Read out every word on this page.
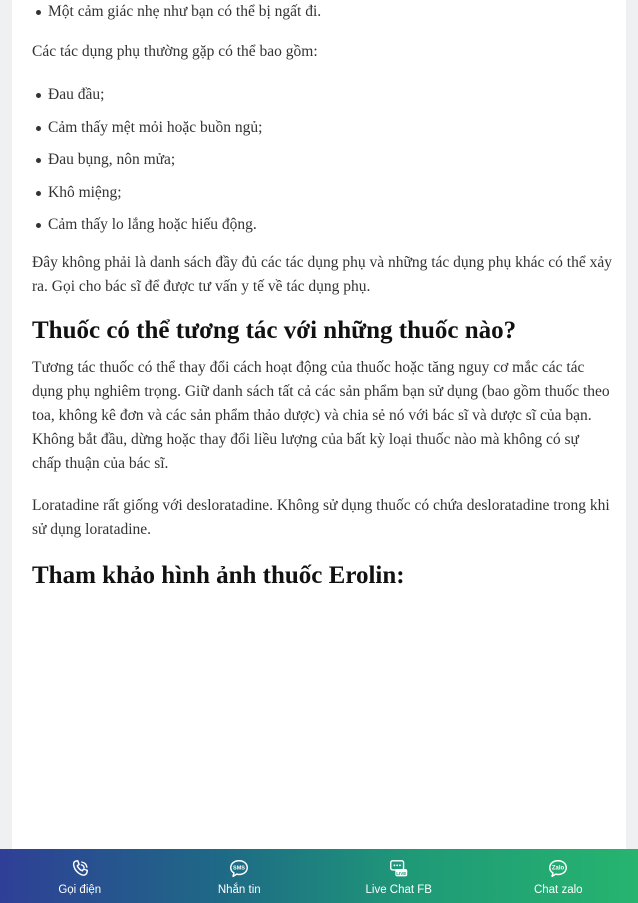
Một cảm giác nhẹ như bạn có thể bị ngất đi.

Các tác dụng phụ thường gặp có thể bao gồm:

Đau đầu;
Cảm thấy mệt mỏi hoặc buồn ngủ;
Đau bụng, nôn mửa;
Khô miệng;
Cảm thấy lo lắng hoặc hiếu động.

Đây không phải là danh sách đầy đủ các tác dụng phụ và những tác dụng phụ khác có thể xảy ra. Gọi cho bác sĩ để được tư vấn y tế về tác dụng phụ.

Thuốc có thể tương tác với những thuốc nào?

Tương tác thuốc có thể thay đổi cách hoạt động của thuốc hoặc tăng nguy cơ mắc các tác dụng phụ nghiêm trọng. Giữ danh sách tất cả các sản phẩm bạn sử dụng (bao gồm thuốc theo toa, không kê đơn và các sản phẩm thảo dược) và chia sẻ nó với bác sĩ và dược sĩ của bạn. Không bắt đầu, dừng hoặc thay đổi liều lượng của bất kỳ loại thuốc nào mà không có sự chấp thuận của bác sĩ.

Loratadine rất giống với desloratadine. Không sử dụng thuốc có chứa desloratadine trong khi sử dụng loratadine.

Tham khảo hình ảnh thuốc Erolin:
Gọi điện
SMS
Nhắn tin
LIVE
Live Chat FB
Zalo
Chat zalo
